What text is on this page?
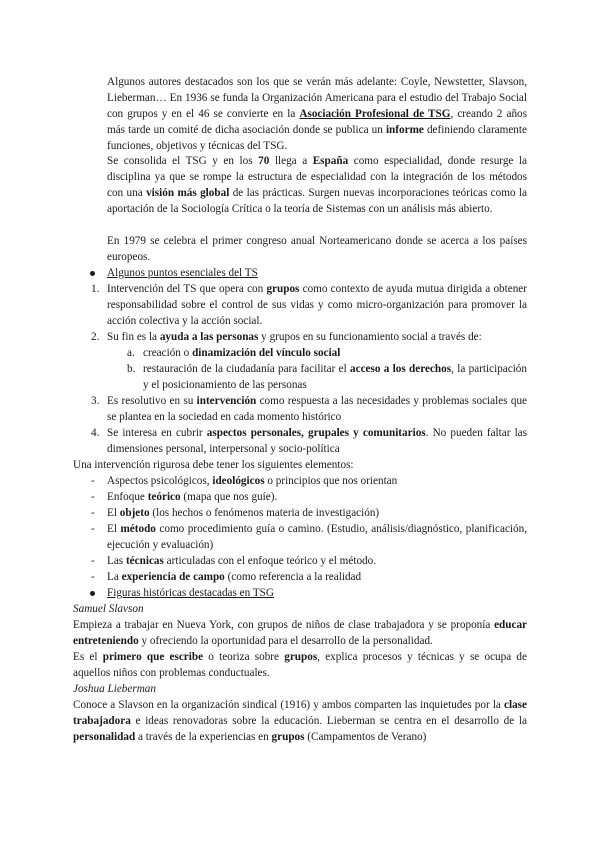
Algunos autores destacados son los que se verán más adelante: Coyle, Newstetter, Slavson, Lieberman… En 1936 se funda la Organización Americana para el estudio del Trabajo Social con grupos y en el 46 se convierte en la Asociación Profesional de TSG, creando 2 años más tarde un comité de dicha asociación donde se publica un informe definiendo claramente funciones, objetivos y técnicas del TSG.

Se consolida el TSG y en los 70 llega a España como especialidad, donde resurge la disciplina ya que se rompe la estructura de especialidad con la integración de los métodos con una visión más global de las prácticas. Surgen nuevas incorporaciones teóricas como la aportación de la Sociología Crítica o la teoría de Sistemas con un análisis más abierto.

En 1979 se celebra el primer congreso anual Norteamericano donde se acerca a los países europeos.

Algunos puntos esenciales del TS
1. Intervención del TS que opera con grupos como contexto de ayuda mutua dirigida a obtener responsabilidad sobre el control de sus vidas y como micro-organización para promover la acción colectiva y la acción social.

2. Su fin es la ayuda a las personas y grupos en su funcionamiento social a través de:

a. creación o dinamización del vínculo social

b. restauración de la ciudadanía para facilitar el acceso a los derechos, la participación y el posicionamiento de las personas

3. Es resolutivo en su intervención como respuesta a las necesidades y problemas sociales que se plantea en la sociedad en cada momento histórico

4. Se interesa en cubrir aspectos personales, grupales y comunitarios. No pueden faltar las dimensiones personal, interpersonal y socio-política

Una intervención rigurosa debe tener los siguientes elementos:
- Aspectos psicológicos, ideológicos o principios que nos orientan

- Enfoque teórico (mapa que nos guíe).

- El objeto (los hechos o fenómenos materia de investigación)

- El método como procedimiento guía o camino. (Estudio, análisis/diagnóstico, planificación, ejecución y evaluación)

- Las técnicas articuladas con el enfoque teórico y el método.

- La experiencia de campo (como referencia a la realidad

Figuras históricas destacadas en TSG
Samuel Slavson

Empieza a trabajar en Nueva York, con grupos de niños de clase trabajadora y se proponía educar entreteniendo y ofreciendo la oportunidad para el desarrollo de la personalidad.

Es el primero que escribe o teoriza sobre grupos, explica procesos y técnicas y se ocupa de aquellos niños con problemas conductuales.

Joshua Lieberman

Conoce a Slavson en la organización sindical (1916) y ambos comparten las inquietudes por la clase trabajadora e ideas renovadoras sobre la educación. Lieberman se centra en el desarrollo de la personalidad a través de la experiencias en grupos (Campamentos de Verano)
